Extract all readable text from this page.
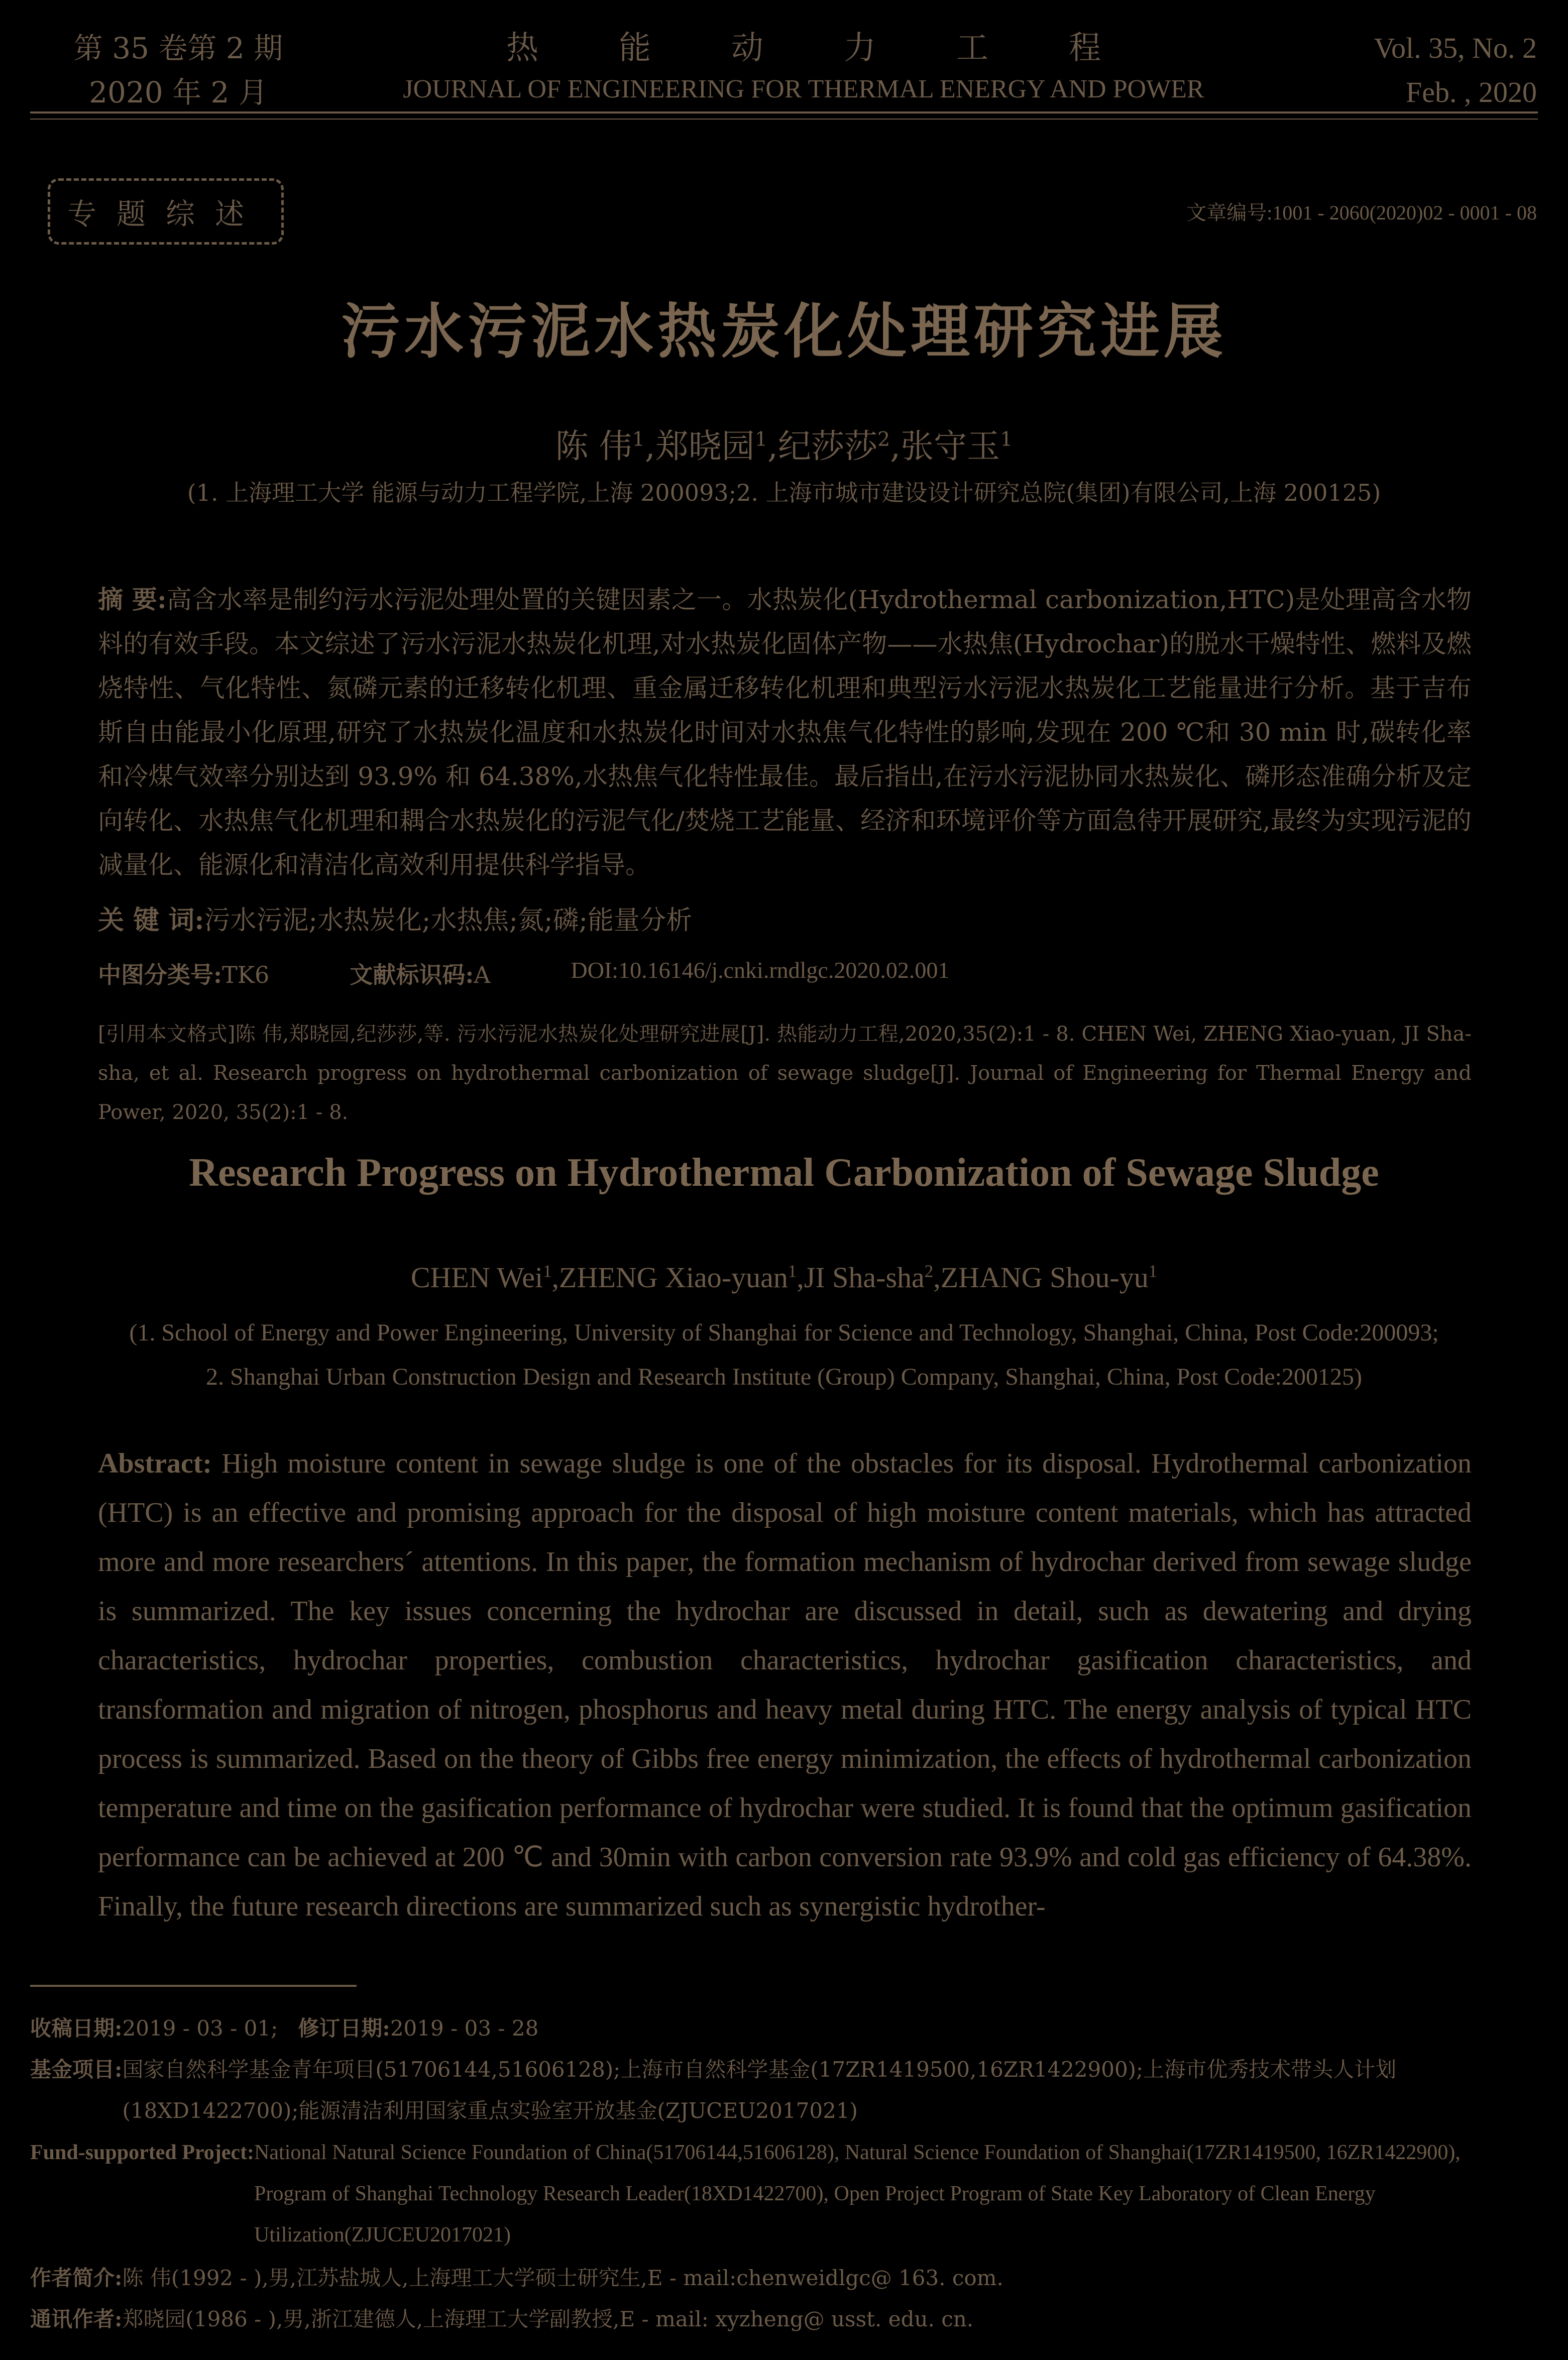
第 35 卷第 2 期
2020 年 2 月
热能动力工程
JOURNAL OF ENGINEERING FOR THERMAL ENERGY AND POWER
Vol. 35, No. 2
Feb. , 2020
专题综述	文章编号:1001 - 2060(2020)02 - 0001 - 08
污水污泥水热炭化处理研究进展
陈 伟$^1$,郑晓园$^1$,纪莎莎$^2$,张守玉$^1$
(1. 上海理工大学 能源与动力工程学院,上海 200093;2. 上海市城市建设设计研究总院(集团)有限公司,上海 200125)
摘 要:高含水率是制约污水污泥处理处置的关键因素之一。水热炭化(Hydrothermal carbonization,HTC)是处理高含水物料的有效手段。本文综述了污水污泥水热炭化机理,对水热炭化固体产物——水热焦(Hydrochar)的脱水干燥特性、燃料及燃烧特性、气化特性、氮磷元素的迁移转化机理、重金属迁移转化机理和典型污水污泥水热炭化工艺能量进行分析。基于吉布斯自由能最小化原理,研究了水热炭化温度和水热炭化时间对水热焦气化特性的影响,发现在 200 ℃和 30 min 时,碳转化率和冷煤气效率分别达到 93.9% 和 64.38%,水热焦气化特性最佳。最后指出,在污水污泥协同水热炭化、磷形态准确分析及定向转化、水热焦气化机理和耦合水热炭化的污泥气化/焚烧工艺能量、经济和环境评价等方面急待开展研究,最终为实现污泥的减量化、能源化和清洁化高效利用提供科学指导。
关 键 词:污水污泥;水热炭化;水热焦;氮;磷;能量分析
中图分类号:TK6	文献标识码:A	DOI:10.16146/j.cnki.rndlgc.2020.02.001
[引用本文格式]陈 伟,郑晓园,纪莎莎,等. 污水污泥水热炭化处理研究进展[J]. 热能动力工程,2020,35(2):1 - 8. CHEN Wei, ZHENG Xiao-yuan, JI Sha-sha, et al. Research progress on hydrothermal carbonization of sewage sludge[J]. Journal of Engineering for Thermal Energy and Power, 2020, 35(2):1 - 8.
Research Progress on Hydrothermal Carbonization of Sewage Sludge
CHEN Wei$^1$,ZHENG Xiao-yuan$^1$,JI Sha-sha$^2$,ZHANG Shou-$yu^1$
(1. School of Energy and Power Engineering, University of Shanghai for Science and Technology, Shanghai, China, Post Code:200093;
2. Shanghai Urban Construction Design and Research Institute (Group) Company, Shanghai, China, Post Code:200125)
Abstract: High moisture content in sewage sludge is one of the obstacles for its disposal. Hydrothermal carbonization (HTC) is an effective and promising approach for the disposal of high moisture content materials, which has attracted more and more researchers´ attentions. In this paper, the formation mechanism of hydrochar derived from sewage sludge is summarized. The key issues concerning the hydrochar are discussed in detail, such as dewatering and drying characteristics, hydrochar properties, combustion characteristics, hydrochar gasification characteristics, and transformation and migration of nitrogen, phosphorus and heavy metal during HTC. The energy analysis of typical HTC process is summarized. Based on the theory of Gibbs free energy minimization, the effects of hydrothermal carbonization temperature and time on the gasification performance of hydrochar were studied. It is found that the optimum gasification performance can be achieved at 200 ℃ and 30min with carbon conversion rate 93.9% and cold gas efficiency of 64.38%. Finally, the future research directions are summarized such as synergistic hydrother-
收稿日期:2019 - 03 - 01; 修订日期:2019 - 03 - 28
基金项目: 国家自然科学基金青年项目(51706144,51606128);上海市自然科学基金(17ZR1419500,16ZR1422900);上海市优秀技术带头人计划(18XD1422700);能源清洁利用国家重点实验室开放基金(ZJUCEU2017021)
Fund-supported Project: National Natural Science Foundation of China(51706144,51606128), Natural Science Foundation of Shanghai(17ZR1419500, 16ZR1422900), Program of Shanghai Technology Research Leader(18XD1422700), Open Project Program of State Key Laboratory of Clean Energy Utilization(ZJUCEU2017021)
作者简介: 陈 伟(1992 - ),男,江苏盐城人,上海理工大学硕士研究生,E - mail:chenweidlgc@ 163. com.
通讯作者: 郑晓园(1986 - ),男,浙江建德人,上海理工大学副教授,E - mail: xyzheng@ usst. edu. cn.
